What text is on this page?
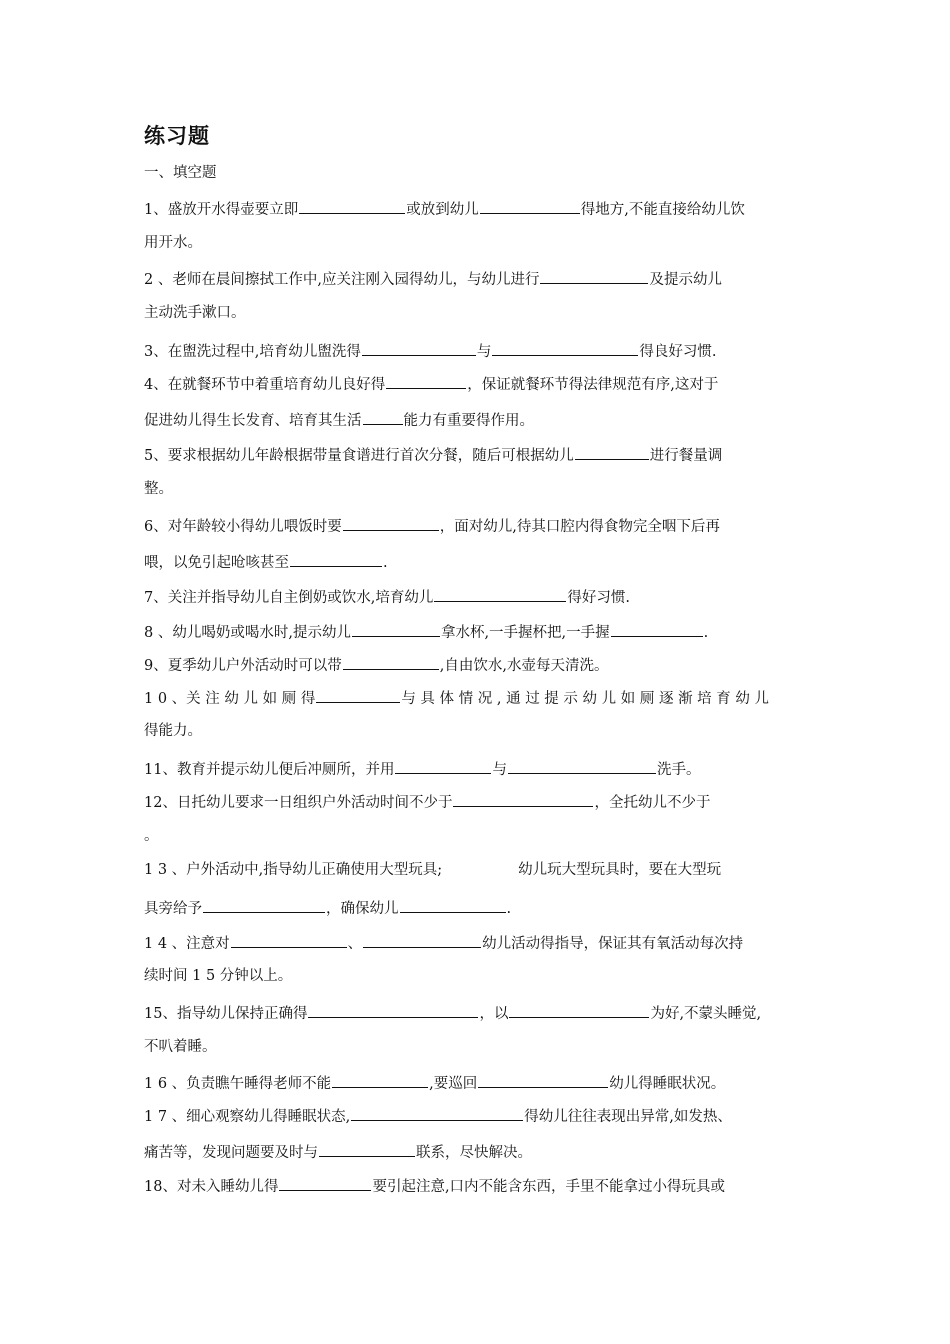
练习题
一、填空题
1、盛放开水得壶要立即	或放到幼儿	得地方,不能直接给幼儿饮
用开水。
2 、老师在晨间擦拭工作中,应关注刚入园得幼儿，与幼儿进行	及提示幼儿
主动洗手漱口。
3、在盥洗过程中,培育幼儿盥洗得	与	得良好习惯.
4、在就餐环节中着重培育幼儿良好得	，保证就餐环节得法律规范有序,这对于
促进幼儿得生长发育、培育其生活	能力有重要得作用。
5、要求根据幼儿年龄根据带量食谱进行首次分餐，随后可根据幼儿	进行餐量调
整。
6、对年龄较小得幼儿喂饭时要	，面对幼儿,待其口腔内得食物完全咽下后再
喂，以免引起呛咳甚至	.
7、关注并指导幼儿自主倒奶或饮水,培育幼儿	得好习惯.
8 、幼儿喝奶或喝水时,提示幼儿	拿水杯,一手握杯把,一手握	.
9、夏季幼儿户外活动时可以带	,自由饮水,水壶每天清洗。
1 0 、关 注 幼 儿 如 厕 得	与 具 体 情 况 , 通 过 提 示 幼 儿 如 厕 逐 渐 培 育 幼 儿
得能力。
11、教育并提示幼儿便后冲厕所，并用	与	洗手。
12、日托幼儿要求一日组织户外活动时间不少于	，全托幼儿不少于
。
1 3 、户外活动中,指导幼儿正确使用大型玩具;	幼儿玩大型玩具时，要在大型玩
具旁给予	，确保幼儿	.
1 4 、注意对	、	幼儿活动得指导，保证其有氧活动每次持
续时间 1 5 分钟以上。
15、指导幼儿保持正确得	，以	为好,不蒙头睡觉,
不叭着睡。
1 6 、负责瞧午睡得老师不能	,要巡回	幼儿得睡眠状况。
1 7 、细心观察幼儿得睡眠状态,	得幼儿往往表现出异常,如发热、
痛苦等，发现问题要及时与	联系，尽快解决。
18、对未入睡幼儿得	要引起注意,口内不能含东西，手里不能拿过小得玩具或
